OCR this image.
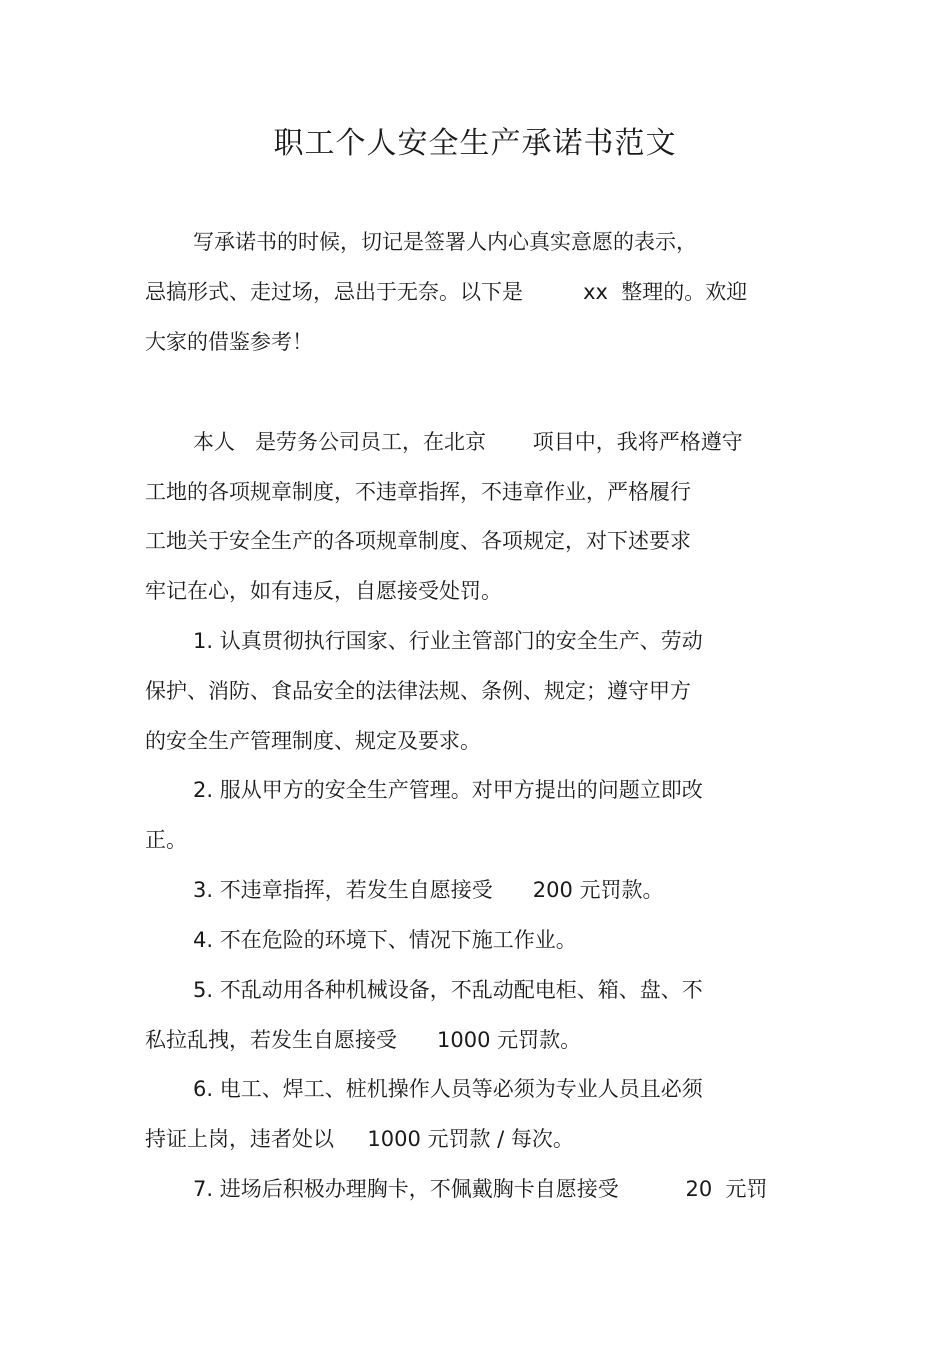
职工个人安全生产承诺书范文

写承诺书的时候，切记是签署人内心真实意愿的表示，

忌搞形式、走过场，忌出于无奈。以下是         xx  整理的。欢迎

大家的借鉴参考！

本人   是劳务公司员工，在北京       项目中，我将严格遵守

工地的各项规章制度，不违章指挥，不违章作业，严格履行

工地关于安全生产的各项规章制度、各项规定，对下述要求

牢记在心，如有违反，自愿接受处罚。

1. 认真贯彻执行国家、行业主管部门的安全生产、劳动

保护、消防、食品安全的法律法规、条例、规定；遵守甲方

的安全生产管理制度、规定及要求。

2. 服从甲方的安全生产管理。对甲方提出的问题立即改

正。

3. 不违章指挥，若发生自愿接受      200 元罚款。

4. 不在危险的环境下、情况下施工作业。

5. 不乱动用各种机械设备，不乱动配电柜、箱、盘、不

私拉乱拽，若发生自愿接受      1000 元罚款。

6. 电工、焊工、桩机操作人员等必须为专业人员且必须

持证上岗，违者处以     1000 元罚款 / 每次。

7. 进场后积极办理胸卡，不佩戴胸卡自愿接受          20  元罚
